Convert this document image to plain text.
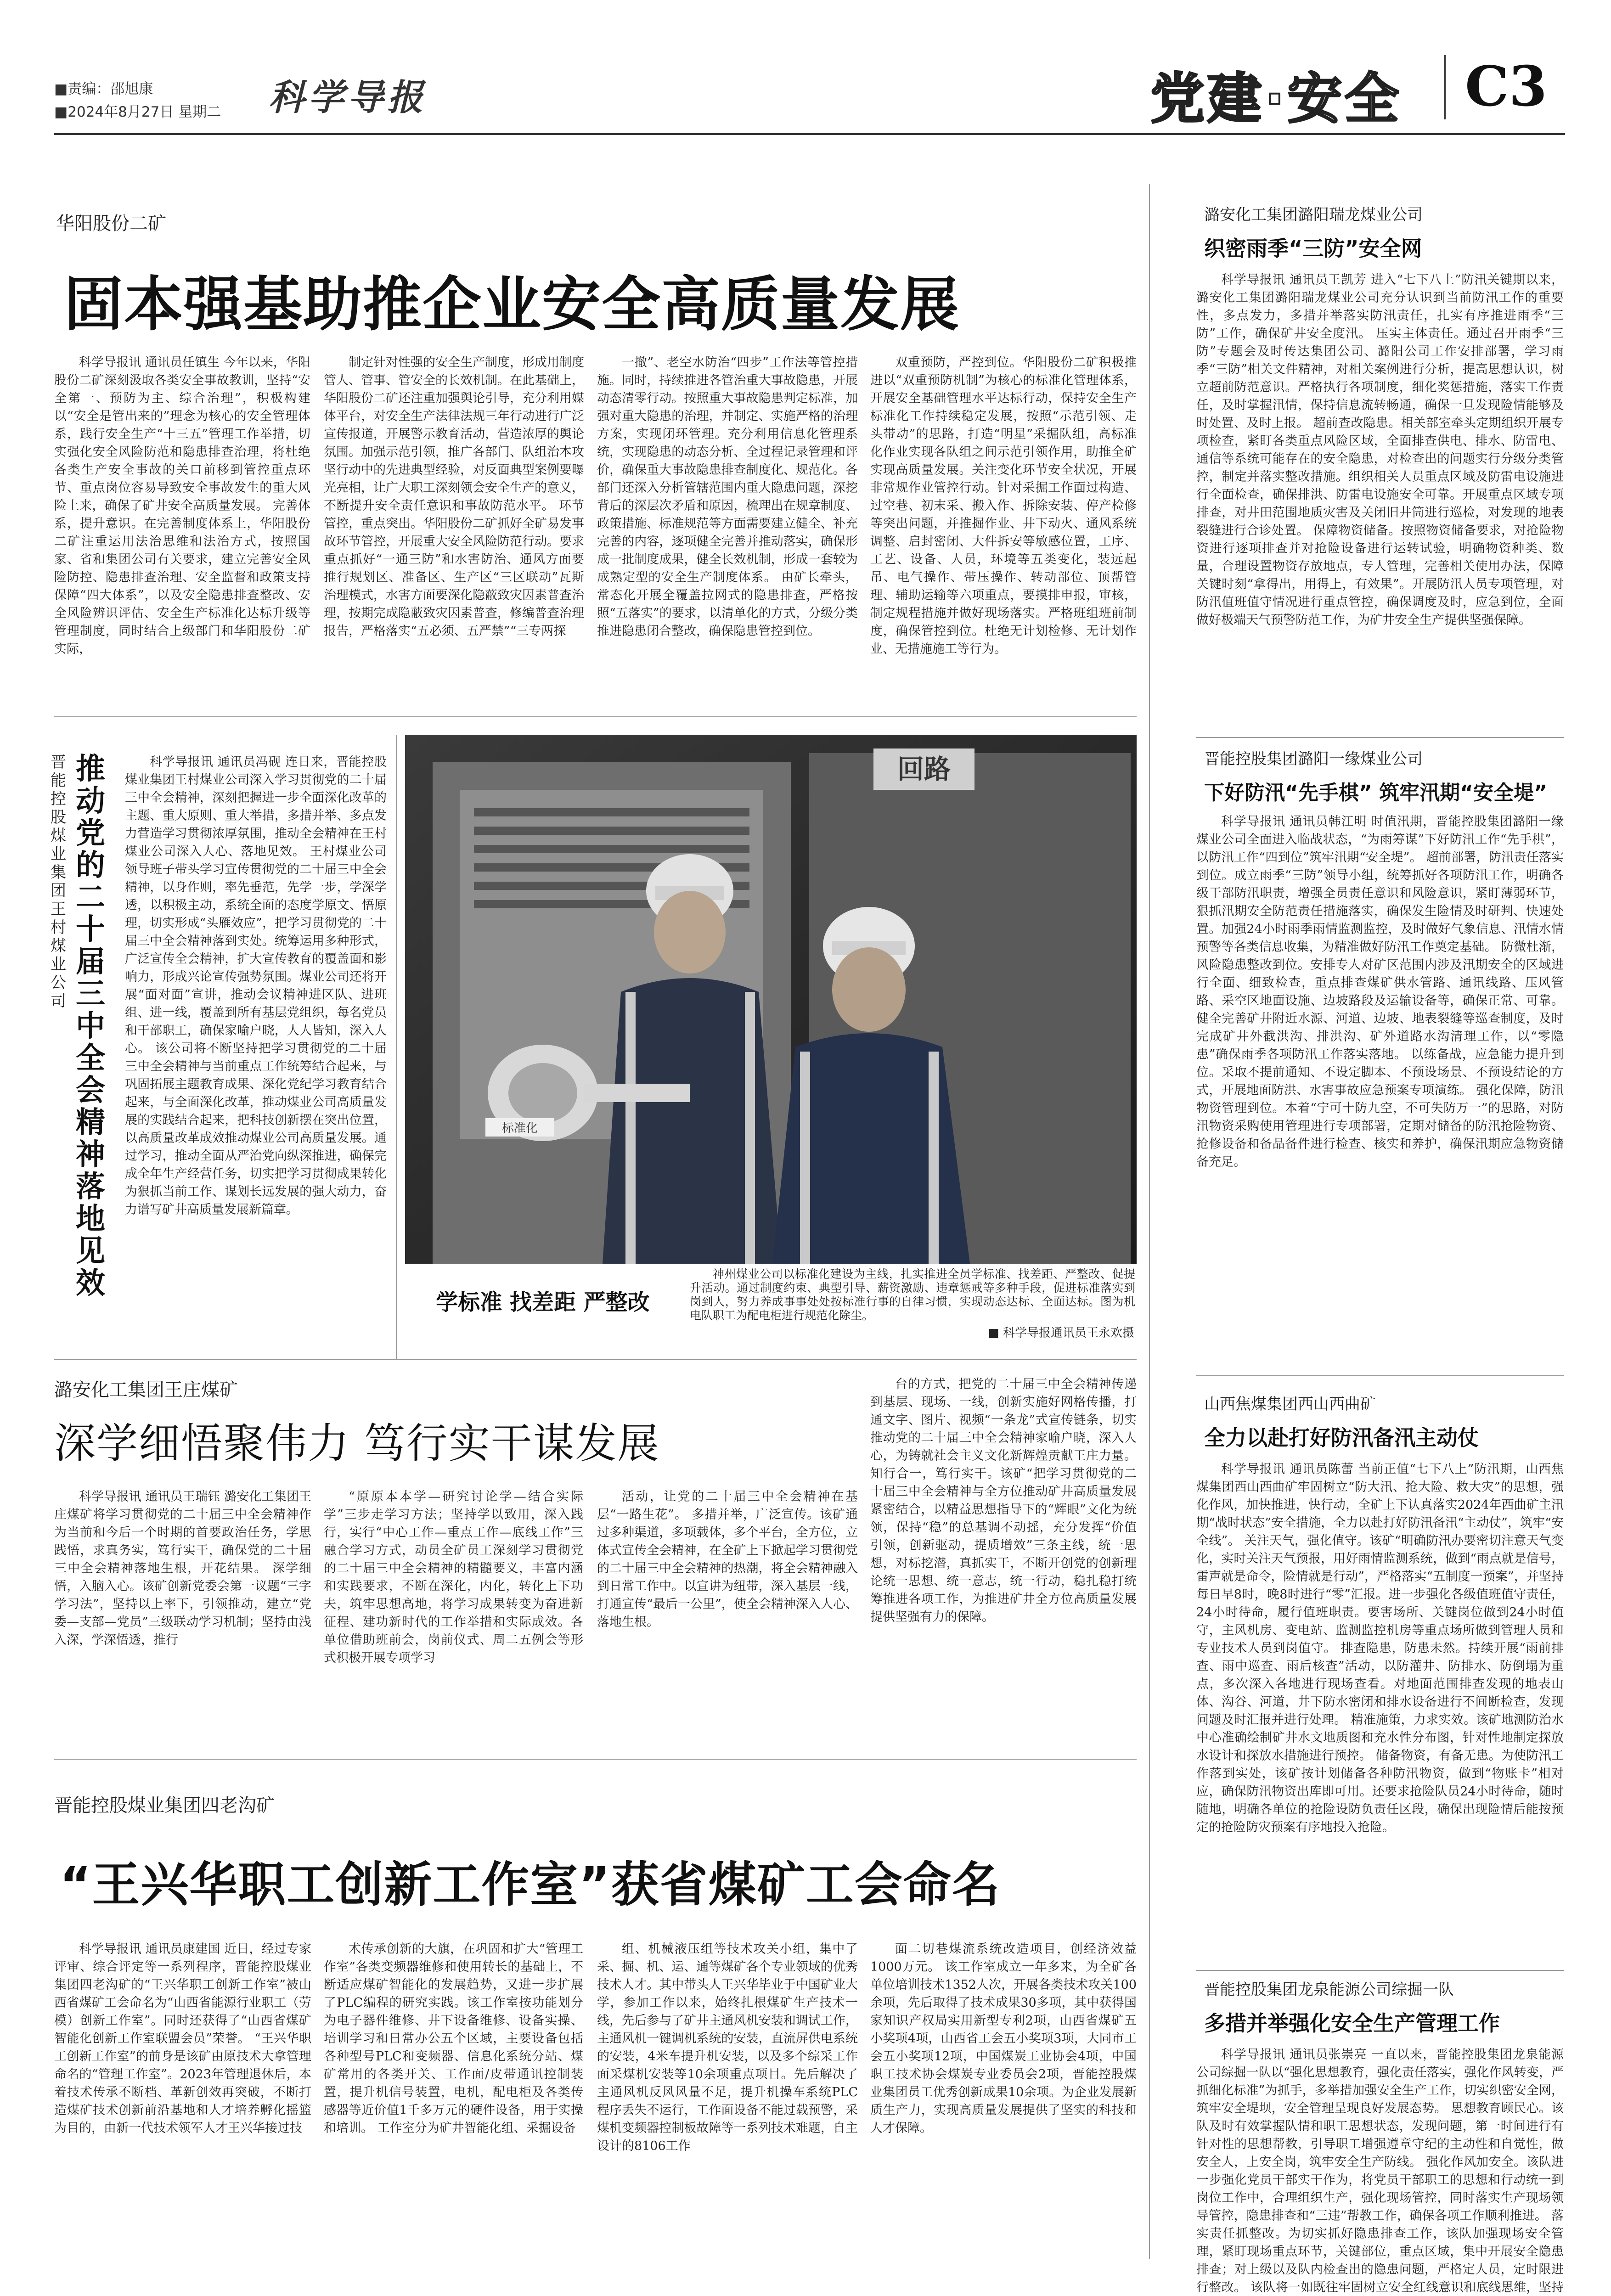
■责编：邵旭康
■2024年8月27日 星期二 科学导报	党建·安全 C3
华阳股份二矿
固本强基助推企业安全高质量发展

科学导报讯 通讯员任镇生 今年以来，华阳股份二矿深刻汲取各类安全事故教训，坚持“安全第一、预防为主、综合治理”，积极构建以“安全是管出来的”理念为核心的安全管理体系，践行安全生产“十三五”管理工作举措，切实强化安全风险防范和隐患排查治理，将杜绝各类生产安全事故的关口前移到管控重点环节、重点岗位容易导致安全事故发生的重大风险上来，确保了矿井安全高质量发展。 完善体系，提升意识。在完善制度体系上，华阳股份二矿注重运用法治思维和法治方式，按照国家、省和集团公司有关要求，建立完善安全风险防控、隐患排查治理、安全监督和政策支持保障“四大体系”，以及安全隐患排查整改、安全风险辨识评估、安全生产标准化达标升级等管理制度，同时结合上级部门和华阳股份二矿实际，

制定针对性强的安全生产制度，形成用制度管人、管事、管安全的长效机制。在此基础上，华阳股份二矿还注重加强舆论引导，充分利用媒体平台，对安全生产法律法规三年行动进行广泛宣传报道，开展警示教育活动，营造浓厚的舆论氛围。加强示范引领，推广各部门、队组治本攻坚行动中的先进典型经验，对反面典型案例要曝光亮相，让广大职工深刻领会安全生产的意义，不断提升安全责任意识和事故防范水平。 环节管控，重点突出。华阳股份二矿抓好全矿易发事故环节管控，开展重大安全风险防范行动。要求重点抓好“一通三防”和水害防治、通风方面要推行规划区、准备区、生产区“三区联动”瓦斯治理模式，水害方面要深化隐蔽致灾因素普查治理，按期完成隐蔽致灾因素普查，修编普查治理报告，严格落实“五必须、五严禁”“三专两探

一撤”、老空水防治“四步”工作法等管控措施。同时，持续推进各管治重大事故隐患，开展动态清零行动。按照重大事故隐患判定标准，加强对重大隐患的治理，并制定、实施严格的治理方案，实现闭环管理。充分利用信息化管理系统，实现隐患的动态分析、全过程记录管理和评价，确保重大事故隐患排查制度化、规范化。各部门还深入分析管辖范围内重大隐患问题，深挖背后的深层次矛盾和原因，梳理出在规章制度、政策措施、标准规范等方面需要建立健全、补充完善的内容，逐项健全完善并推动落实，确保形成一批制度成果，健全长效机制，形成一套较为成熟定型的安全生产制度体系。 由矿长牵头，常态化开展全覆盖拉网式的隐患排查，严格按照“五落实”的要求，以清单化的方式，分级分类推进隐患闭合整改，确保隐患管控到位。

双重预防，严控到位。华阳股份二矿积极推进以“双重预防机制”为核心的标准化管理体系，开展安全基础管理水平达标行动，保持安全生产标准化工作持续稳定发展，按照“示范引领、走头带动”的思路，打造“明星”采掘队组，高标准化作业实现各队组之间示范引领作用，助推全矿实现高质量发展。关注变化环节安全状况，开展非常规作业管控行动。针对采掘工作面过构造、过空巷、初末采、搬入作、拆除安装、停产检修等突出问题，并推掘作业、井下动火、通风系统调整、启封密闭、大件拆安等敏感位置，工序、工艺、设备、人员，环境等五类变化，装远起吊、电气操作、带压操作、转动部位、顶帮管理、辅助运输等六项重点，要摸排申报，审核，制定规程措施并做好现场落实。严格班组班前制度，确保管控到位。杜绝无计划检修、无计划作业、无措施施工等行为。

晋能控股煤业集团王村煤业公司
推动党的二十届三中全会精神落地见效

科学导报讯 通讯员冯砚 连日来，晋能控股煤业集团王村煤业公司深入学习贯彻党的二十届三中全会精神，深刻把握进一步全面深化改革的主题、重大原则、重大举措，多措并举、多点发力营造学习贯彻浓厚氛围，推动全会精神在王村煤业公司深入人心、落地见效。 王村煤业公司领导班子带头学习宣传贯彻党的二十届三中全会精神，以身作则，率先垂范，先学一步，学深学透，以积极主动，系统全面的态度学原文、悟原理，切实形成“头雁效应”，把学习贯彻党的二十届三中全会精神落到实处。统筹运用多种形式，广泛宣传全会精神，扩大宣传教育的覆盖面和影响力，形成兴论宣传强势氛围。煤业公司还将开展“面对面”宣讲，推动会议精神进区队、进班组、进一线，覆盖到所有基层党组织，每名党员和干部职工，确保家喻户晓，人人皆知，深入人心。 该公司将不断坚持把学习贯彻党的二十届三中全会精神与当前重点工作统筹结合起来，与巩固拓展主题教育成果、深化党纪学习教育结合起来，与全面深化改革，推动煤业公司高质量发展的实践结合起来，把科技创新摆在突出位置，以高质量改革成效推动煤业公司高质量发展。通过学习，推动全面从严治党向纵深推进，确保完成全年生产经营任务，切实把学习贯彻成果转化为狠抓当前工作、谋划长远发展的强大动力，奋力谱写矿井高质量发展新篇章。

回路
标准化
学标准 找差距 严整改

神州煤业公司以标准化建设为主线，扎实推进全员学标准、找差距、严整改、促提升活动。通过制度约束、典型引导、薪资激励、违章惩戒等多种手段，促进标准落实到岗到人，努力养成事事处处按标准行事的自律习惯，实现动态达标、全面达标。图为机电队职工为配电柜进行规范化除尘。

■ 科学导报通讯员王永欢摄
潞安化工集团王庄煤矿
深学细悟聚伟力 笃行实干谋发展

科学导报讯 通讯员王瑞钰 潞安化工集团王庄煤矿将学习贯彻党的二十届三中全会精神作为当前和今后一个时期的首要政治任务，学思践悟，求真务实，笃行实干，确保党的二十届三中全会精神落地生根，开花结果。 深学细悟，入脑入心。该矿创新党委会第一议题“三字学习法”，坚持以上率下，引领推动，建立“党委—支部—党员”三级联动学习机制；坚持由浅入深，学深悟透，推行

“原原本本学—研究讨论学—结合实际学”三步走学习方法；坚持学以致用，深入践行，实行“中心工作—重点工作—底线工作”三融合学习方式，动员全矿员工深刻学习贯彻党的二十届三中全会精神的精髓要义，丰富内涵和实践要求，不断在深化，内化，转化上下功夫，筑牢思想高地，将学习成果转变为奋进新征程、建功新时代的工作举措和实际成效。各单位借助班前会，岗前仪式、周二五例会等形式积极开展专项学习

活动，让党的二十届三中全会精神在基层“一路生花”。 多措并举，广泛宣传。该矿通过多种渠道，多项载体，多个平台，全方位，立体式宣传全会精神，在全矿上下掀起学习贯彻党的二十届三中全会精神的热潮，将全会精神融入到日常工作中。以宣讲为纽带，深入基层一线，打通宣传“最后一公里”，使全会精神深入人心、落地生根。

台的方式，把党的二十届三中全会精神传递到基层、现场、一线，创新实施好网格传播，打通文字、图片、视频“一条龙”式宣传链条，切实推动党的二十届三中全会精神家喻户晓，深入人心，为铸就社会主义文化新辉煌贡献王庄力量。 知行合一，笃行实干。该矿“把学习贯彻党的二十届三中全会精神与全方位推动矿井高质量发展紧密结合，以精益思想指导下的“辉眼”文化为统领，保持“稳”的总基调不动摇，充分发挥“价值引领，创新驱动，提质增效”三条主线，统一思想，对标挖潜，真抓实干，不断开创党的创新理论统一思想、统一意志，统一行动，稳扎稳打统筹推进各项工作，为推进矿井全方位高质量发展提供坚强有力的保障。

晋能控股煤业集团四老沟矿
“王兴华职工创新工作室”获省煤矿工会命名

科学导报讯 通讯员康建国 近日，经过专家评审、综合评定等一系列程序，晋能控股煤业集团四老沟矿的“王兴华职工创新工作室”被山西省煤矿工会命名为“山西省能源行业职工（劳模）创新工作室”。同时还获得了“山西省煤矿智能化创新工作室联盟会员”荣誉。 “王兴华职工创新工作室”的前身是该矿由原技术大拿管理命名的“管理工作室”。2023年管理退休后，本着技术传承不断档、革新创效再突破，不断打造煤矿技术创新前沿基地和人才培养孵化摇篮为目的，由新一代技术领军人才王兴华接过技

术传承创新的大旗，在巩固和扩大“管理工作室”各类变频器维修和使用转长的基础上，不断适应煤矿智能化的发展趋势，又进一步扩展了PLC编程的研究实践。该工作室按功能划分为电子器件维修、井下设备维修、设备实操、培训学习和日常办公五个区域，主要设备包括各种型号PLC和变频器、信息化系统分站、煤矿常用的各类开关、工作面/皮带通讯控制装置，提升机信号装置，电机，配电柜及各类传感器等近价值1千多万元的硬件设备，用于实操和培训。 工作室分为矿井智能化组、采掘设备

组、机械液压组等技术攻关小组，集中了采、掘、机、运、通等煤矿各个专业领域的优秀技术人才。其中带头人王兴华毕业于中国矿业大学，参加工作以来，始终扎根煤矿生产技术一线，先后参与了矿井主通风机安装和调试工作，主通风机一键调机系统的安装，直流屏供电系统的安装，4米车提升机安装，以及多个综采工作面采煤机安装等10余项重点项目。先后解决了主通风机反风风量不足，提升机操车系统PLC程序丢失不运行，工作面设备不能过载预警，采煤机变频器控制板故障等一系列技术难题，自主设计的8106工作

面二切巷煤流系统改造项目，创经济效益1000万元。 该工作室成立一年多来，为全矿各单位培训技术1352人次，开展各类技术攻关100余项，先后取得了技术成果30多项，其中获得国家知识产权局实用新型专利2项，山西省煤矿五小奖项4项，山西省工会五小奖项3项，大同市工会五小奖项12项，中国煤炭工业协会4项，中国职工技术协会煤炭专业委员会2项，晋能控股煤业集团员工优秀创新成果10余项。为企业发展新质生产力，实现高质量发展提供了坚实的科技和人才保障。

潞安化工集团潞阳瑞龙煤业公司
织密雨季“三防”安全网

科学导报讯 通讯员王凯芳 进入“七下八上”防汛关键期以来，潞安化工集团潞阳瑞龙煤业公司充分认识到当前防汛工作的重要性，多点发力，多措并举落实防汛责任，扎实有序推进雨季“三防”工作，确保矿井安全度汛。 压实主体责任。通过召开雨季“三防”专题会及时传达集团公司、潞阳公司工作安排部署，学习雨季“三防”相关文件精神，对相关案例进行分析，提高思想认识，树立超前防范意识。严格执行各项制度，细化奖惩措施，落实工作责任，及时掌握汛情，保持信息流转畅通，确保一旦发现险情能够及时处置、及时上报。 超前查改隐患。相关部室牵头定期组织开展专项检查，紧盯各类重点风险区域，全面排查供电、排水、防雷电、通信等系统可能存在的安全隐患，对检查出的问题实行分级分类管控，制定并落实整改措施。组织相关人员重点区域及防雷电设施进行全面检查，确保排洪、防雷电设施安全可靠。开展重点区域专项排查，对井田范围地质灾害及关闭旧井筒进行巡检，对发现的地表裂缝进行合诊处置。 保障物资储备。按照物资储备要求，对抢险物资进行逐项排查并对抢险设备进行运转试验，明确物资种类、数量，合理设置物资存放地点，专人管理，完善相关使用办法，保障关键时刻“拿得出，用得上，有效果”。开展防汛人员专项管理，对防汛值班值守情况进行重点管控，确保调度及时，应急到位，全面做好极端天气预警防范工作，为矿井安全生产提供坚强保障。

晋能控股集团潞阳一缘煤业公司
下好防汛“先手棋” 筑牢汛期“安全堤”

科学导报讯 通讯员韩江明 时值汛期，晋能控股集团潞阳一缘煤业公司全面进入临战状态，“为雨筹谋”下好防汛工作“先手棋”，以防汛工作“四到位”筑牢汛期“安全堤”。 超前部署，防汛责任落实到位。成立雨季“三防”领导小组，统筹抓好各项防汛工作，明确各级干部防汛职责，增强全员责任意识和风险意识，紧盯薄弱环节，狠抓汛期安全防范责任措施落实，确保发生险情及时研判、快速处置。加强24小时雨季雨情监测监控，及时做好气象信息、汛情水情预警等各类信息收集，为精准做好防汛工作奠定基础。 防微杜渐，风险隐患整改到位。安排专人对矿区范围内涉及汛期安全的区域进行全面、细致检查，重点排查煤矿供水管路、通讯线路、压风管路、采空区地面设施、边坡路段及运输设备等，确保正常、可靠。健全完善矿井附近水源、河道、边坡、地表裂缝等巡查制度，及时完成矿井外截洪沟、排洪沟、矿外道路水沟清理工作，以“零隐患”确保雨季各项防汛工作落实落地。 以练备战，应急能力提升到位。采取不提前通知、不设定脚本、不预设场景、不预设结论的方式，开展地面防洪、水害事故应急预案专项演练。 强化保障，防汛物资管理到位。本着“宁可十防九空，不可失防万一”的思路，对防汛物资采购使用管理进行专项部署，定期对储备的防汛抢险物资、抢修设备和备品备件进行检查、核实和养护，确保汛期应急物资储备充足。

山西焦煤集团西山西曲矿
全力以赴打好防汛备汛主动仗

科学导报讯 通讯员陈蕾 当前正值“七下八上”防汛期，山西焦煤集团西山西曲矿牢固树立“防大汛、抢大险、救大灾”的思想，强化作风，加快推进，快行动，全矿上下认真落实2024年西曲矿主汛期“战时状态”安全措施，全力以赴打好防汛备汛“主动仗”，筑牢“安全线”。 关注天气，强化值守。该矿“明确防汛办要密切注意天气变化，实时关注天气预报，用好雨情监测系统，做到“雨点就是信号，雷声就是命令，险情就是行动”，严格落实“五制度一预案”，并坚持每日早8时，晚8时进行“零”汇报。进一步强化各级值班值守责任，24小时待命，履行值班职责。要害场所、关键岗位做到24小时值守，主风机房、变电站、监测监控机房等重点场所做到管理人员和专业技术人员到岗值守。 排查隐患，防患未然。持续开展“雨前排查、雨中巡查、雨后核查”活动，以防灌井、防排水、防倒塌为重点，多次深入各地进行现场查看。对地面范围排查发现的地表山体、沟谷、河道，井下防水密闭和排水设备进行不间断检查，发现问题及时汇报并进行处理。 精准施策，力求实效。该矿地测防治水中心准确绘制矿井水文地质图和充水性分布图，针对性地制定探放水设计和探放水措施进行预控。 储备物资，有备无患。为使防汛工作落到实处，该矿按计划储备各种防汛物资，做到“物账卡”相对应，确保防汛物资出库即可用。还要求抢险队员24小时待命，随时随地，明确各单位的抢险设防负责任区段，确保出现险情后能按预定的抢险防灾预案有序地投入抢险。

晋能控股集团龙泉能源公司综掘一队
多措并举强化安全生产管理工作

科学导报讯 通讯员张崇亮 一直以来，晋能控股集团龙泉能源公司综掘一队以“强化思想教育，强化责任落实，强化作风转变，严抓细化标准”为抓手，多举措加强安全生产工作，切实织密安全网，筑牢安全堤坝，安全管理呈现良好发展态势。 思想教育顾民心。该队及时有效掌握队情和职工思想状态，发现问题，第一时间进行有针对性的思想帮教，引导职工增强遵章守纪的主动性和自觉性，做安全人，上安全岗，筑牢安全生产防线。 强化作风加安全。该队进一步强化党员干部实干作为，将党员干部职工的思想和行动统一到岗位工作中，合理组织生产，强化现场管控，同时落实生产现场领导管控，隐患排查和“三违”帮教工作，确保各项工作顺利推进。 落实责任抓整改。为切实抓好隐患排查工作，该队加强现场安全管理，紧盯现场重点环节，关键部位，重点区域，集中开展安全隐患排查；对上级以及队内检查出的隐患问题，严格定人员，定时限进行整改。 该队将一如既往牢固树立安全红线意识和底线思维，坚持
